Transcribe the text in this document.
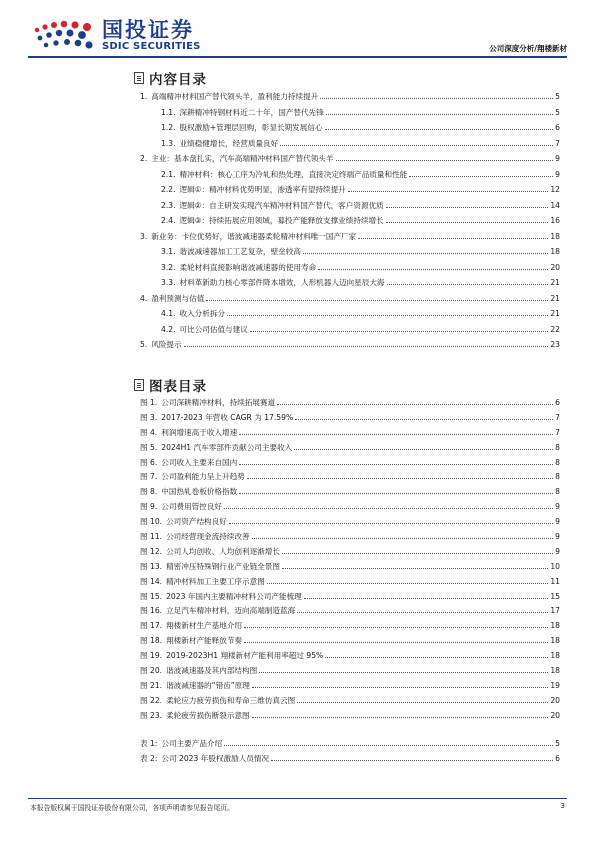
国投证券
SDIC SECURITIES	公司深度分析/翔楼新材
内容目录
1. 高端精冲材料国产替代领头羊，盈利能力持续提升	5
1.1. 深耕精冲特钢材料近二十年，国产替代先锋	5
1.2. 股权激励+管理层回购，彰显长期发展信心	6
1.3. 业绩稳健增长，经营质量良好	7
2. 主业：基本盘扎实，汽车高端精冲材料国产替代领头羊	9
2.1. 精冲材料：核心工序为冷轧和热处理，直接决定终端产品质量和性能	9
2.2. 逻辑①：精冲材料优势明显，渗透率有望持续提升	12
2.3. 逻辑②：自主研发实现汽车精冲材料国产替代，客户资源优质	14
2.4. 逻辑③：持续拓展应用领域，募投产能释放支撑业绩持续增长	16
3. 新业务：卡位优势好，谐波减速器柔轮精冲材料唯一国产厂家	18
3.1. 谐波减速器加工工艺复杂，壁垒较高	18
3.2. 柔轮材料直接影响谐波减速器的使用寿命	20
3.3. 材料革新助力核心零部件降本增效，人形机器人迈向星辰大海	21
4. 盈利预测与估值	21
4.1. 收入分析拆分	21
4.2. 可比公司估值与建议	22
5. 风险提示	23
图表目录
图 1. 公司深耕精冲材料，持续拓展赛道	6
图 3. 2017-2023 年营收 CAGR 为 17.59%	7
图 4. 利润增速高于收入增速	7
图 5. 2024H1 汽车零部件贡献公司主要收入	8
图 6. 公司收入主要来自国内	8
图 7. 公司盈利能力呈上升趋势	8
图 8. 中国热轧卷板价格指数	8
图 9. 公司费用管控良好	9
图 10. 公司资产结构良好	9
图 11. 公司经营现金流持续改善	9
图 12. 公司人均创收、人均创利逐渐增长	9
图 13. 精密冲压特殊钢行业产业链全景图	10
图 14. 精冲材料加工主要工序示意图	11
图 15. 2023 年国内主要精冲材料公司产能梳理	15
图 16. 立足汽车精冲材料，迈向高端制造蓝海	17
图 17. 翔楼新材生产基地介绍	18
图 18. 翔楼新材产能释放节奏	18
图 19. 2019-2023H1 翔楼新材产能利用率超过 95%	18
图 20. 谐波减速器及其内部结构图	18
图 21. 谐波减速器的“错齿”原理	19
图 22. 柔轮应力疲劳损伤和寿命三维仿真云图	20
图 23. 柔轮疲劳损伤断裂示意图	20
表 1: 公司主要产品介绍	5
表 2: 公司 2023 年股权激励人员情况	6
本报告版权属于国投证券股份有限公司，各项声明请参见报告尾页。	3
